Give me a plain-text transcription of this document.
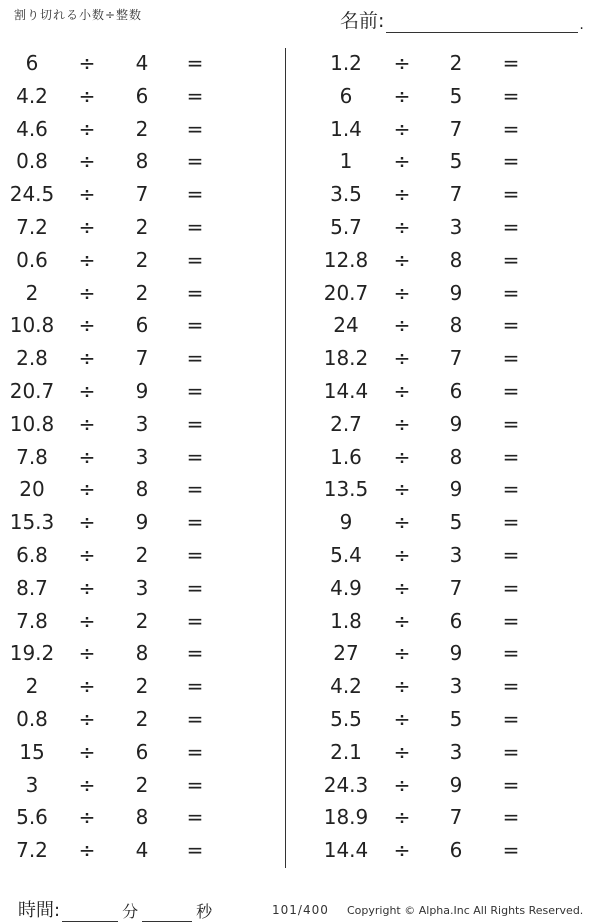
割り切れる小数÷整数	名前:	.
6	÷	4	=
4.2	÷	6	=
4.6	÷	2	=
0.8	÷	8	=
24.5	÷	7	=
7.2	÷	2	=
0.6	÷	2	=
2	÷	2	=
10.8	÷	6	=
2.8	÷	7	=
20.7	÷	9	=
10.8	÷	3	=
7.8	÷	3	=
20	÷	8	=
15.3	÷	9	=
6.8	÷	2	=
8.7	÷	3	=
7.8	÷	2	=
19.2	÷	8	=
2	÷	2	=
0.8	÷	2	=
15	÷	6	=
3	÷	2	=
5.6	÷	8	=
7.2	÷	4	=
1.2	÷	2	=
6	÷	5	=
1.4	÷	7	=
1	÷	5	=
3.5	÷	7	=
5.7	÷	3	=
12.8	÷	8	=
20.7	÷	9	=
24	÷	8	=
18.2	÷	7	=
14.4	÷	6	=
2.7	÷	9	=
1.6	÷	8	=
13.5	÷	9	=
9	÷	5	=
5.4	÷	3	=
4.9	÷	7	=
1.8	÷	6	=
27	÷	9	=
4.2	÷	3	=
5.5	÷	5	=
2.1	÷	3	=
24.3	÷	9	=
18.9	÷	7	=
14.4	÷	6	=
時間:	分	秒	101/400 Copyright © Alpha.Inc All Rights Reserved.
